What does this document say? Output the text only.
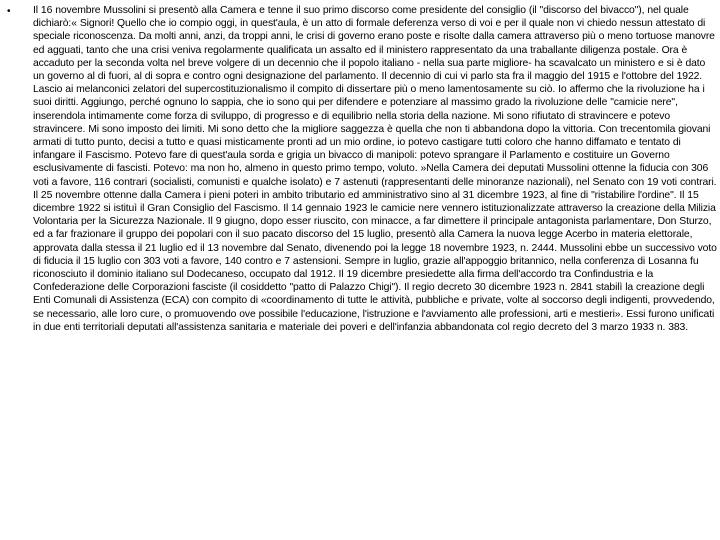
• Il 16 novembre Mussolini si presentò alla Camera e tenne il suo primo discorso come presidente del consiglio (il "discorso del bivacco"), nel quale dichiarò:« Signori! Quello che io compio oggi, in quest'aula, è un atto di formale deferenza verso di voi e per il quale non vi chiedo nessun attestato di speciale riconoscenza. Da molti anni, anzi, da troppi anni, le crisi di governo erano poste e risolte dalla camera attraverso più o meno tortuose manovre ed agguati, tanto che una crisi veniva regolarmente qualificata un assalto ed il ministero rappresentato da una traballante diligenza postale. Ora è accaduto per la seconda volta nel breve volgere di un decennio che il popolo italiano - nella sua parte migliore- ha scavalcato un ministero e si è dato un governo al di fuori, al di sopra e contro ogni designazione del parlamento. Il decennio di cui vi parlo sta fra il maggio del 1915 e l'ottobre del 1922. Lascio ai melanconici zelatori del supercostituzionalismo il compito di dissertare più o meno lamentosamente su ciò. Io affermo che la rivoluzione ha i suoi diritti. Aggiungo, perché ognuno lo sappia, che io sono qui per difendere e potenziare al massimo grado la rivoluzione delle "camicie nere", inserendola intimamente come forza di sviluppo, di progresso e di equilibrio nella storia della nazione. Mi sono rifiutato di stravincere e potevo stravincere. Mi sono imposto dei limiti. Mi sono detto che la migliore saggezza è quella che non ti abbandona dopo la vittoria. Con trecentomila giovani armati di tutto punto, decisi a tutto e quasi misticamente pronti ad un mio ordine, io potevo castigare tutti coloro che hanno diffamato e tentato di infangare il Fascismo. Potevo fare di quest'aula sorda e grigia un bivacco di manipoli: potevo sprangare il Parlamento e costituire un Governo esclusivamente di fascisti. Potevo: ma non ho, almeno in questo primo tempo, voluto. »Nella Camera dei deputati Mussolini ottenne la fiducia con 306 voti a favore, 116 contrari (socialisti, comunisti e qualche isolato) e 7 astenuti (rappresentanti delle minoranze nazionali), nel Senato con 19 voti contrari. Il 25 novembre ottenne dalla Camera i pieni poteri in ambito tributario ed amministrativo sino al 31 dicembre 1923, al fine di "ristabilire l'ordine". Il 15 dicembre 1922 si istituì il Gran Consiglio del Fascismo. Il 14 gennaio 1923 le camicie nere vennero istituzionalizzate attraverso la creazione della Milizia Volontaria per la Sicurezza Nazionale. Il 9 giugno, dopo esser riuscito, con minacce, a far dimettere il principale antagonista parlamentare, Don Sturzo, ed a far frazionare il gruppo dei popolari con il suo pacato discorso del 15 luglio, presentò alla Camera la nuova legge Acerbo in materia elettorale, approvata dalla stessa il 21 luglio ed il 13 novembre dal Senato, divenendo poi la legge 18 novembre 1923, n. 2444. Mussolini ebbe un successivo voto di fiducia il 15 luglio con 303 voti a favore, 140 contro e 7 astensioni. Sempre in luglio, grazie all'appoggio britannico, nella conferenza di Losanna fu riconosciuto il dominio italiano sul Dodecaneso, occupato dal 1912. Il 19 dicembre presiedette alla firma dell'accordo tra Confindustria e la Confederazione delle Corporazioni fasciste (il cosiddetto "patto di Palazzo Chigi"). Il regio decreto 30 dicembre 1923 n. 2841 stabilì la creazione degli Enti Comunali di Assistenza (ECA) con compito di «coordinamento di tutte le attività, pubbliche e private, volte al soccorso degli indigenti, provvedendo, se necessario, alle loro cure, o promuovendo ove possibile l'educazione, l'istruzione e l'avviamento alle professioni, arti e mestieri». Essi furono unificati in due enti territoriali deputati all'assistenza sanitaria e materiale dei poveri e dell'infanzia abbandonata col regio decreto del 3 marzo 1933 n. 383.
